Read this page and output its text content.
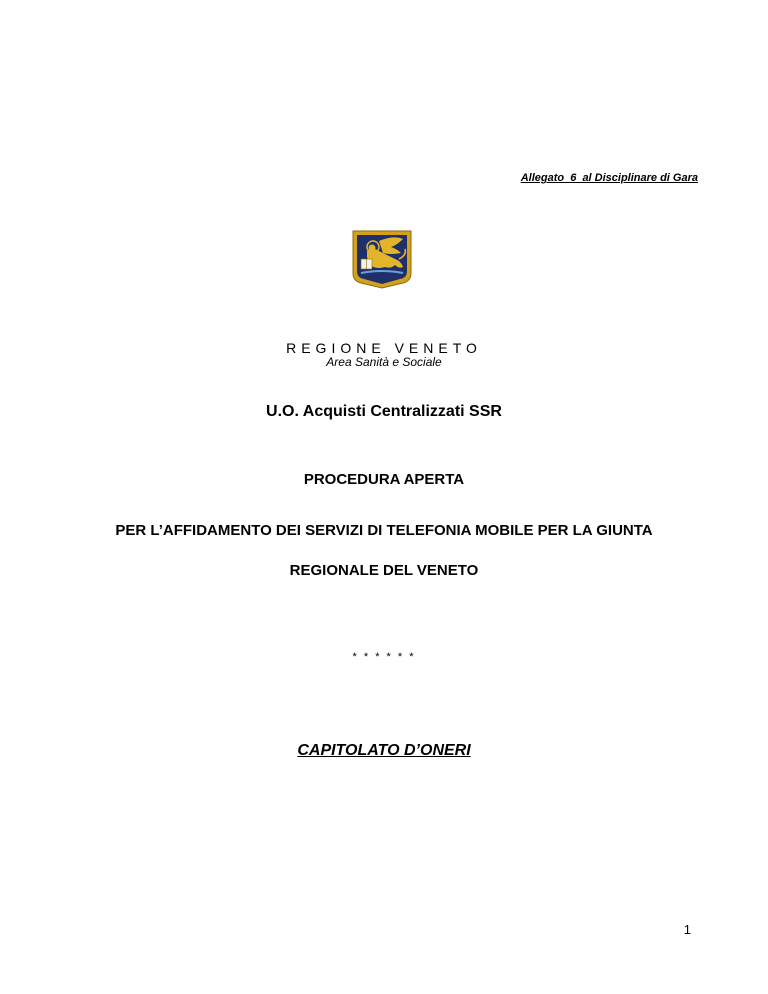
Allegato  6  al Disciplinare di Gara
REGIONE VENETO
Area Sanità e Sociale
U.O. Acquisti Centralizzati SSR
PROCEDURA APERTA
PER L’AFFIDAMENTO DEI SERVIZI DI TELEFONIA MOBILE PER LA GIUNTA
REGIONALE DEL VENETO
* * * * * *
CAPITOLATO D’ONERI
1
